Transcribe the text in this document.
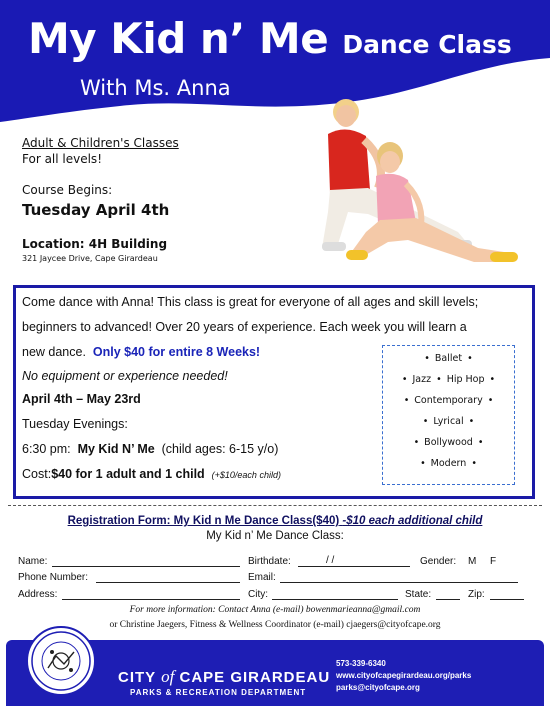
My Kid n’ Me Dance Class
With Ms. Anna
Adult & Children's Classes
For all levels!
Course Begins:
Tuesday April 4th
Location: 4H Building
321 Jaycee Drive, Cape Girardeau
Come dance with Anna! This class is great for everyone of all ages and skill levels;
beginners to advanced! Over 20 years of experience. Each week you will learn a
new dance. Only $40 for entire 8 Weeks!
No equipment or experience needed!
April 4th – May 23rd
Tuesday Evenings:
6:30 pm: My Kid N’ Me (child ages: 6-15 y/o)
Cost:$40 for 1 adult and 1 child (+$10/each child)
• Ballet •
• Jazz • Hip Hop •
• Contemporary •
• Lyrical •
• Bollywood •
• Modern •
Registration Form: My Kid n Me Dance Class($40) -$10 each additional child
My Kid n’ Me Dance Class:
Name:	Birthdate:	/ /	Gender: M F
Phone Number:	Email:
Address:	City:	State:	Zip:
For more information: Contact Anna (e-mail) bowenmarieanna@gmail.com
or Christine Jaegers, Fitness & Wellness Coordinator (e-mail) cjaegers@cityofcape.org
CITY of CAPE GIRARDEAU
PARKS & RECREATION DEPARTMENT
573-339-6340
www.cityofcapegirardeau.org/parks
parks@cityofcape.org
